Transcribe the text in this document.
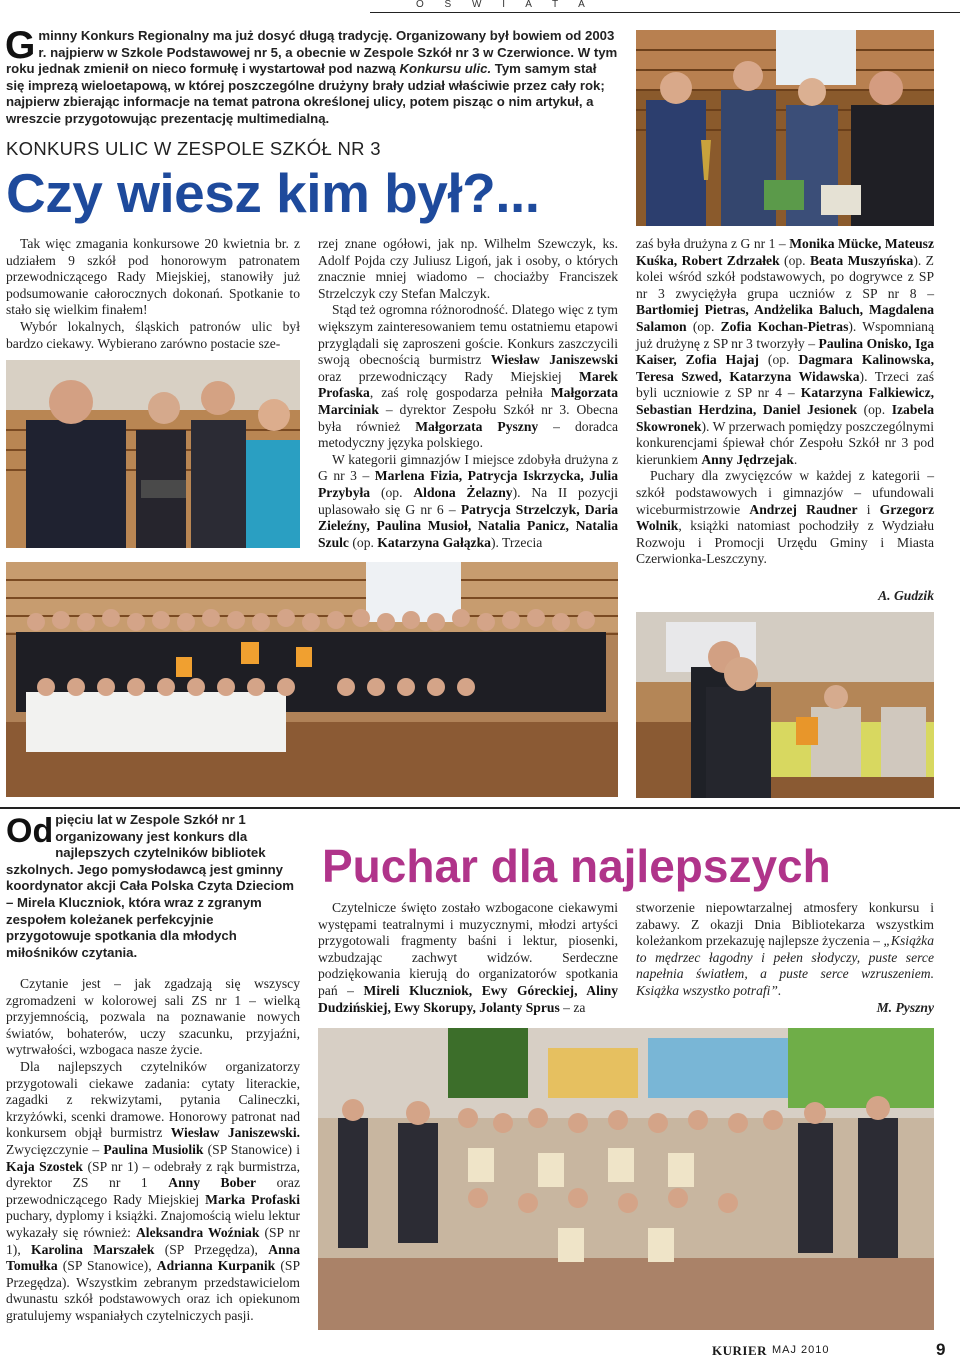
O Ś W I A T A
G minny Konkurs Regionalny ma już dosyć długą tradycję. Organizowany był bowiem od 2003 r. najpierw w Szkole Podstawowej nr 5, a obecnie w Zespole Szkół nr 3 w Czerwionce. W tym roku jednak zmienił on nieco formułę i wystartował pod nazwą Konkursu ulic. Tym samym stał się imprezą wieloetapową, w której poszczególne drużyny brały udział właściwie przez cały rok; najpierw zbierając informacje na temat patrona określonej ulicy, potem pisząc o nim artykuł, a wreszcie przygotowując prezentację multimedialną.
KONKURS ULIC W ZESPOLE SZKÓŁ NR 3
Czy wiesz kim był?...

Tak więc zmagania konkursowe 20 kwietnia br. z udziałem 9 szkół pod honorowym patronatem przewodniczącego Rady Miejskiej, stanowiły już podsumowanie całorocznych dokonań. Spotkanie to stało się wielkim finałem!

Wybór lokalnych, śląskich patronów ulic był bardzo ciekawy. Wybierano zarówno postacie sze-

rzej znane ogółowi, jak np. Wilhelm Szewczyk, ks. Adolf Pojda czy Juliusz Ligoń, jak i osoby, o których znacznie mniej wiadomo – chociażby Franciszek Strzelczyk czy Stefan Malczyk.

Stąd też ogromna różnorodność. Dlatego więc z tym większym zainteresowaniem temu ostatniemu etapowi przyglądali się zaproszeni goście. Konkurs zaszczycili swoją obecnością burmistrz Wiesław Janiszewski oraz przewodniczący Rady Miejskiej Marek Profaska, zaś rolę gospodarza pełniła Małgorzata Marciniak – dyrektor Zespołu Szkół nr 3. Obecna była również Małgorzata Pyszny – doradca metodyczny języka polskiego.

W kategorii gimnazjów I miejsce zdobyła drużyna z G nr 3 – Marlena Fizia, Patrycja Iskrzycka, Julia Przybyła (op. Aldona Żelazny). Na II pozycji uplasowało się G nr 6 – Patrycja Strzelczyk, Daria Zieleźny, Paulina Musioł, Natalia Panicz, Natalia Szulc (op. Katarzyna Gałązka). Trzecia

zaś była drużyna z G nr 1 – Monika Mücke, Mateusz Kuśka, Robert Zdrzałek (op. Beata Muszyńska). Z kolei wśród szkół podstawowych, po dogrywce z SP nr 3 zwyciężyła grupa uczniów z SP nr 8 – Bartłomiej Pietras, Andżelika Baluch, Magdalena Salamon (op. Zofia Kochan-Pietras). Wspomnianą już drużynę z SP nr 3 tworzyły – Paulina Onisko, Iga Kaiser, Zofia Hajaj (op. Dagmara Kalinowska, Teresa Szwed, Katarzyna Widawska). Trzeci zaś byli uczniowie z SP nr 4 – Katarzyna Falkiewicz, Sebastian Herdzina, Daniel Jesionek (op. Izabela Skowronek). W przerwach pomiędzy poszczególnymi konkurencjami śpiewał chór Zespołu Szkół nr 3 pod kierunkiem Anny Jędrzejak.

Puchary dla zwycięzców w każdej z kategorii – szkół podstawowych i gimnazjów – ufundowali wiceburmistrzowie Andrzej Raudner i Grzegorz Wolnik, książki natomiast pochodziły z Wydziału Rozwoju i Promocji Urzędu Gminy i Miasta Czerwionka-Leszczyny.

A. Gudzik
Od pięciu lat w Zespole Szkół nr 1 organizowany jest konkurs dla najlepszych czytelników bibliotek szkolnych. Jego pomysłodawcą jest gminny koordynator akcji Cała Polska Czyta Dzieciom – Mirela Kluczniok, która wraz z zgranym zespołem koleżanek perfekcyjnie przygotowuje spotkania dla młodych miłośników czytania.
Puchar dla najlepszych

Czytanie jest – jak zgadzają się wszyscy zgromadzeni w kolorowej sali ZS nr 1 – wielką przyjemnością, pozwala na poznawanie nowych światów, bohaterów, uczy szacunku, przyjaźni, wytrwałości, wzbogaca nasze życie.

Dla najlepszych czytelników organizatorzy przygotowali ciekawe zadania: cytaty literackie, zagadki z rekwizytami, pytania Calineczki, krzyżówki, scenki dramowe. Honorowy patronat nad konkursem objął burmistrz Wiesław Janiszewski. Zwycięzczynie – Paulina Musiolik (SP Stanowice) i Kaja Szostek (SP nr 1) – odebrały z rąk burmistrza, dyrektor ZS nr 1 Anny Bober oraz przewodniczącego Rady Miejskiej Marka Profaski puchary, dyplomy i książki. Znajomością wielu lektur wykazały się również: Aleksandra Woźniak (SP nr 1), Karolina Marszałek (SP Przegędza), Anna Tomułka (SP Stanowice), Adrianna Kurpanik (SP Przegędza). Wszystkim zebranym przedstawicielom dwunastu szkół podstawowych oraz ich opiekunom gratulujemy wspaniałych czytelniczych pasji.

Czytelnicze święto zostało wzbogacone ciekawymi występami teatralnymi i muzycznymi, młodzi artyści przygotowali fragmenty baśni i lektur, piosenki, wzbudzając zachwyt widzów. Serdeczne podziękowania kierują do organizatorów spotkania pań – Mireli Kluczniok, Ewy Góreckiej, Aliny Dudzińskiej, Ewy Skorupy, Jolanty Sprus – za

stworzenie niepowtarzalnej atmosfery konkursu i zabawy. Z okazji Dnia Bibliotekarza wszystkim koleżankom przekazuję najlepsze życzenia – „Książka to mędrzec łagodny i pełen słodyczy, puste serce napełnia światłem, a puste serce wzruszeniem. Książka wszystko potrafi”.

M. Pyszny
KURIER MAJ 2010	9
